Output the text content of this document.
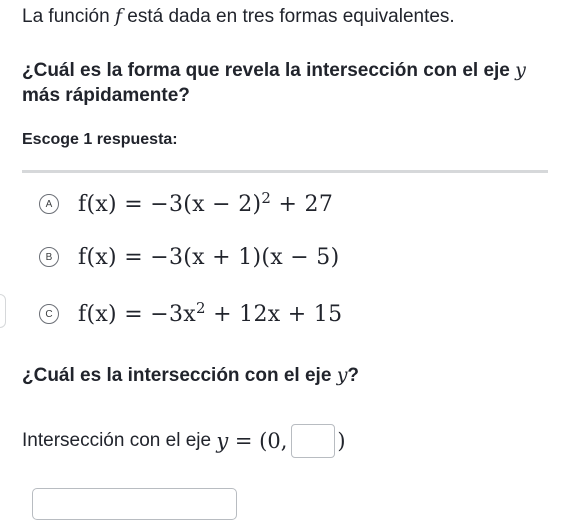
La función f está dada en tres formas equivalentes.
¿Cuál es la forma que revela la intersección con el eje y
más rápidamente?
Escoge 1 respuesta:
A	$f(x) = -3(x - 2)^2 + 27$
B	f(x) = −3(x + 1)(x − 5)
C $f(x) = -3x^2 + 12x + 15$
¿Cuál es la intersección con el eje y?
Intersección con el eje
y = (0, )
